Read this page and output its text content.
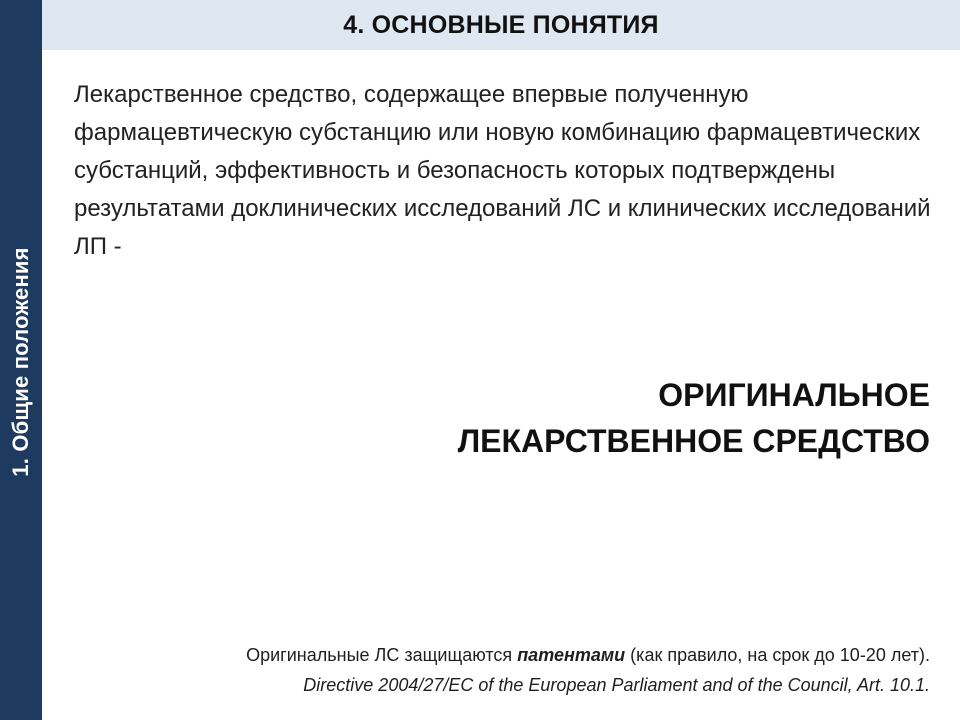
1. Общие положения
4. ОСНОВНЫЕ ПОНЯТИЯ
Лекарственное средство, содержащее впервые полученную фармацевтическую субстанцию или новую комбинацию фармацевтических субстанций, эффективность и безопасность которых подтверждены результатами доклинических исследований ЛС и клинических исследований ЛП -
ОРИГИНАЛЬНОЕ
ЛЕКАРСТВЕННОЕ СРЕДСТВО
Оригинальные ЛС защищаются патентами (как правило, на срок до 10-20 лет).
Directive 2004/27/EC of the European Parliament and of the Council, Art. 10.1.
